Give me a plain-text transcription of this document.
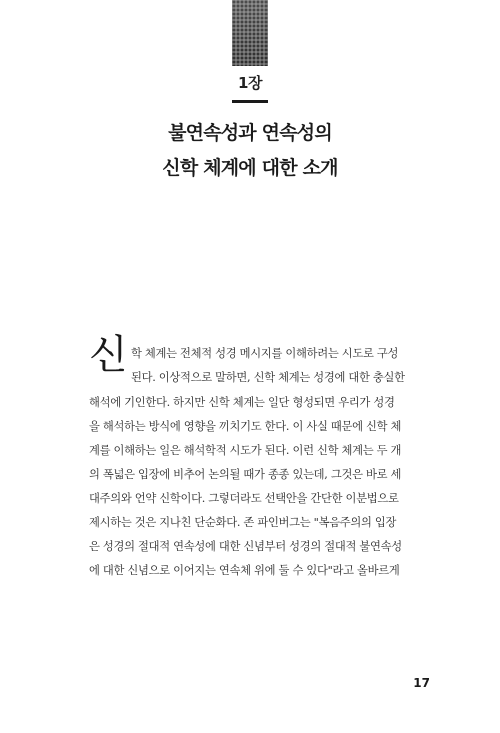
1장
불연속성과 연속성의
신학 체계에 대한 소개
신 학 체계는 전체적 성경 메시지를 이해하려는 시도로 구성
된다. 이상적으로 말하면, 신학 체계는 성경에 대한 충실한
해석에 기인한다. 하지만 신학 체계는 일단 형성되면 우리가 성경
을 해석하는 방식에 영향을 끼치기도 한다. 이 사실 때문에 신학 체
계를 이해하는 일은 해석학적 시도가 된다. 이런 신학 체계는 두 개
의 폭넓은 입장에 비추어 논의될 때가 종종 있는데, 그것은 바로 세
대주의와 언약 신학이다. 그렇더라도 선택안을 간단한 이분법으로
제시하는 것은 지나친 단순화다. 존 파인버그는 "복음주의의 입장
은 성경의 절대적 연속성에 대한 신념부터 성경의 절대적 불연속성
에 대한 신념으로 이어지는 연속체 위에 둘 수 있다"라고 올바르게
17
